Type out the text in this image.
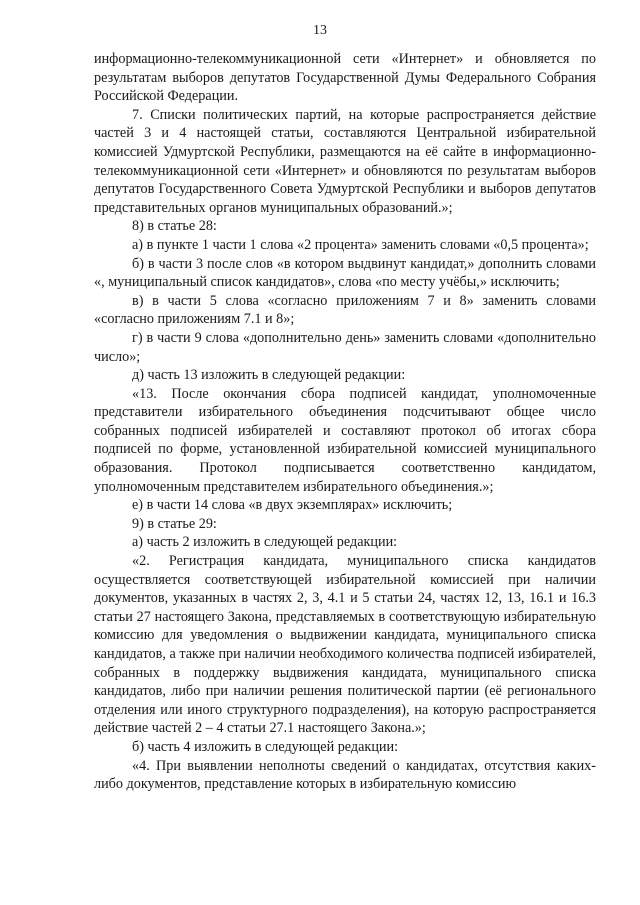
13

информационно-телекоммуникационной сети «Интернет» и обновляется по результатам выборов депутатов Государственной Думы Федерального Собрания Российской Федерации.

7. Списки политических партий, на которые распространяется действие частей 3 и 4 настоящей статьи, составляются Центральной избирательной комиссией Удмуртской Республики, размещаются на её сайте в информационно-телекоммуникационной сети «Интернет» и обновляются по результатам выборов депутатов Государственного Совета Удмуртской Республики и выборов депутатов представительных органов муниципальных образований.»;

8) в статье 28:

а) в пункте 1 части 1 слова «2 процента» заменить словами «0,5 процента»;

б) в части 3 после слов «в котором выдвинут кандидат,» дополнить словами «, муниципальный список кандидатов», слова «по месту учёбы,» исключить;

в) в части 5 слова «согласно приложениям 7 и 8» заменить словами «согласно приложениям 7.1 и 8»;

г) в части 9 слова «дополнительно день» заменить словами «дополнительно число»;

д) часть 13 изложить в следующей редакции:

«13. После окончания сбора подписей кандидат, уполномоченные представители избирательного объединения подсчитывают общее число собранных подписей избирателей и составляют протокол об итогах сбора подписей по форме, установленной избирательной комиссией муниципального образования. Протокол подписывается соответственно кандидатом, уполномоченным представителем избирательного объединения.»;

е) в части 14 слова «в двух экземплярах» исключить;

9) в статье 29:

а) часть 2 изложить в следующей редакции:

«2. Регистрация кандидата, муниципального списка кандидатов осуществляется соответствующей избирательной комиссией при наличии документов, указанных в частях 2, 3, 4.1 и 5 статьи 24, частях 12, 13, 16.1 и 16.3 статьи 27 настоящего Закона, представляемых в соответствующую избирательную комиссию для уведомления о выдвижении кандидата, муниципального списка кандидатов, а также при наличии необходимого количества подписей избирателей, собранных в поддержку выдвижения кандидата, муниципального списка кандидатов, либо при наличии решения политической партии (её регионального отделения или иного структурного подразделения), на которую распространяется действие частей 2 – 4 статьи 27.1 настоящего Закона.»;

б) часть 4 изложить в следующей редакции:

«4. При выявлении неполноты сведений о кандидатах, отсутствия каких-либо документов, представление которых в избирательную комиссию
